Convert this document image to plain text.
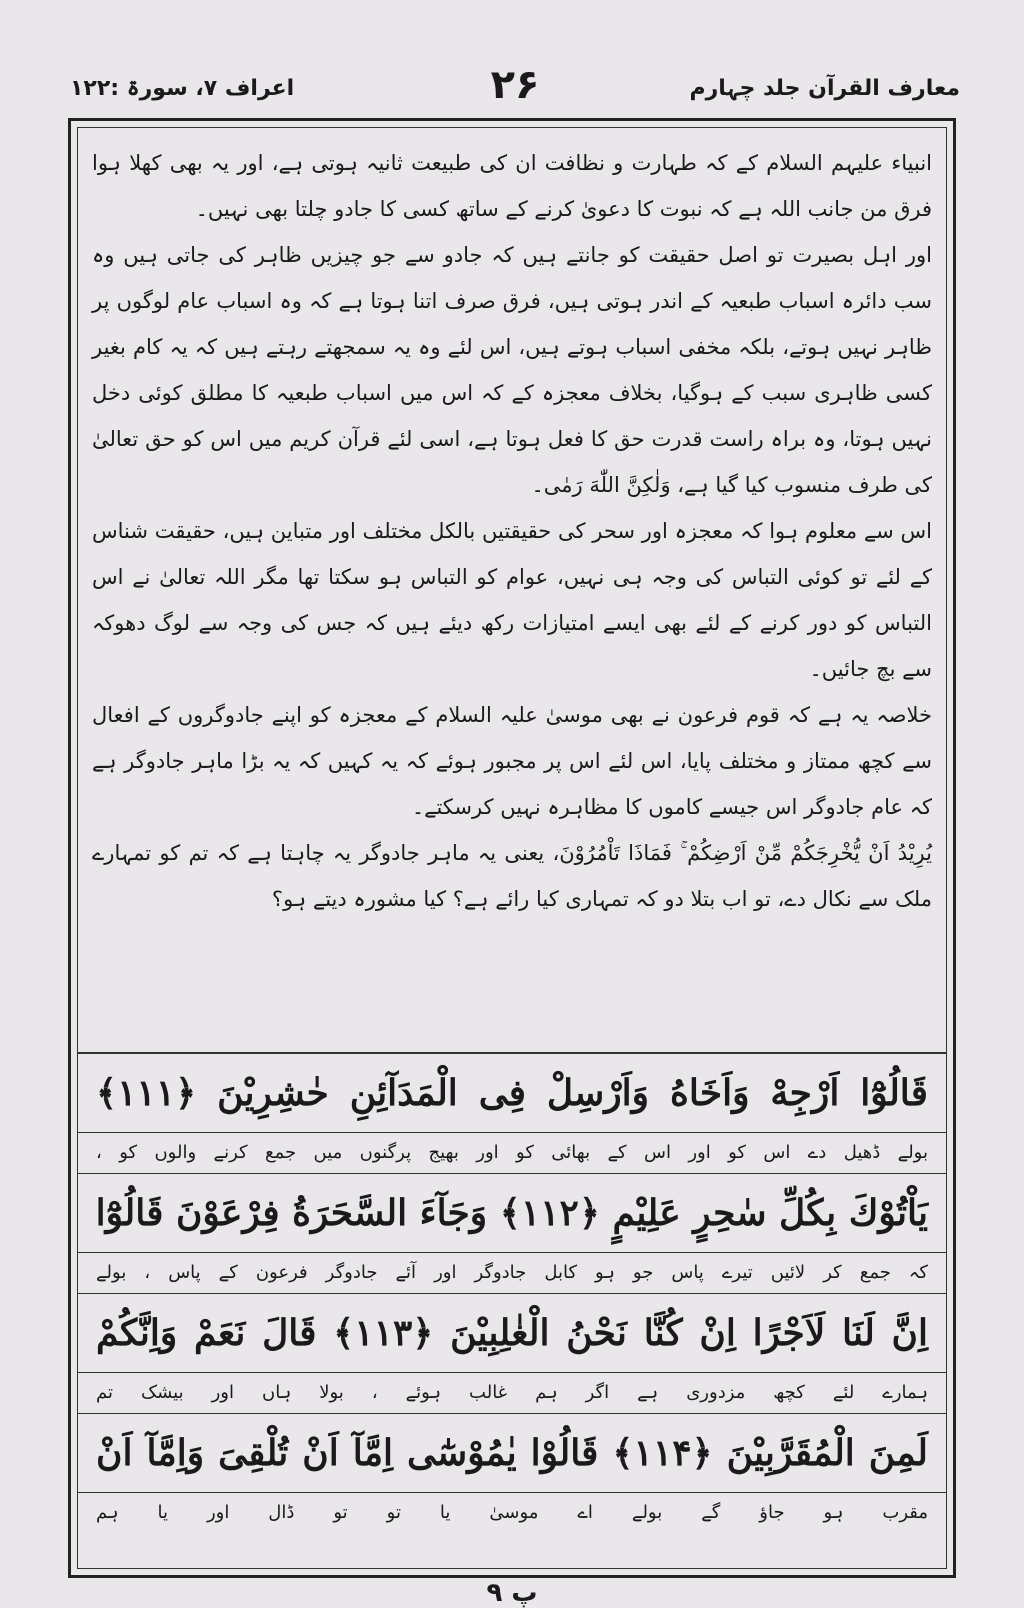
۱۲۲: اعراف ۷، سورۃ	۲۶	معارف القرآن جلد چہارم

انبیاء علیہم السلام کے کہ طہارت و نظافت ان کی طبیعت ثانیہ ہوتی ہے، اور یہ بھی کھلا ہوا فرق من جانب اللہ ہے کہ نبوت کا دعویٰ کرنے کے ساتھ کسی کا جادو چلتا بھی نہیں۔

اور اہل بصیرت تو اصل حقیقت کو جانتے ہیں کہ جادو سے جو چیزیں ظاہر کی جاتی ہیں وہ سب دائرہ اسباب طبعیہ کے اندر ہوتی ہیں، فرق صرف اتنا ہوتا ہے کہ وہ اسباب عام لوگوں پر ظاہر نہیں ہوتے، بلکہ مخفی اسباب ہوتے ہیں، اس لئے وہ یہ سمجھتے رہتے ہیں کہ یہ کام بغیر کسی ظاہری سبب کے ہوگیا، بخلاف معجزہ کے کہ اس میں اسباب طبعیہ کا مطلق کوئی دخل نہیں ہوتا، وہ براہ راست قدرت حق کا فعل ہوتا ہے، اسی لئے قرآن کریم میں اس کو حق تعالیٰ کی طرف منسوب کیا گیا ہے، وَلٰكِنَّ اللّٰهَ رَمٰى۔

اس سے معلوم ہوا کہ معجزہ اور سحر کی حقیقتیں بالکل مختلف اور متباین ہیں، حقیقت شناس کے لئے تو کوئی التباس کی وجہ ہی نہیں، عوام کو التباس ہو سکتا تھا مگر اللہ تعالیٰ نے اس التباس کو دور کرنے کے لئے بھی ایسے امتیازات رکھ دیئے ہیں کہ جس کی وجہ سے لوگ دھوکہ سے بچ جائیں۔

خلاصہ یہ ہے کہ قوم فرعون نے بھی موسیٰ علیہ السلام کے معجزہ کو اپنے جادوگروں کے افعال سے کچھ ممتاز و مختلف پایا، اس لئے اس پر مجبور ہوئے کہ یہ کہیں کہ یہ بڑا ماہر جادوگر ہے کہ عام جادوگر اس جیسے کاموں کا مظاہرہ نہیں کرسکتے۔

يُرِيْدُ اَنْ يُّخْرِجَكُمْ مِّنْ اَرْضِكُمْ ۚ فَمَاذَا تَاْمُرُوْنَ، یعنی یہ ماہر جادوگر یہ چاہتا ہے کہ تم کو تمہارے ملک سے نکال دے، تو اب بتلا دو کہ تمہاری کیا رائے ہے؟ کیا مشورہ دیتے ہو؟

قَالُوْٓا اَرْجِهْ وَاَخَاهُ وَاَرْسِلْ فِى الْمَدَآئِنِ حٰشِرِيْنَ ﴿۱۱۱﴾
بولے ڈھیل دے اس کو اور اس کے بھائی کو اور بھیج پرگنوں میں جمع کرنے والوں کو ،
يَاْتُوْكَ بِكُلِّ سٰحِرٍ عَلِيْمٍ ﴿۱۱۲﴾ وَجَآءَ السَّحَرَةُ فِرْعَوْنَ قَالُوْٓا
کہ جمع کر لائیں تیرے پاس جو ہو کابل جادوگر اور آئے جادوگر فرعون کے پاس ، بولے
اِنَّ لَنَا لَاَجْرًا اِنْ كُنَّا نَحْنُ الْغٰلِبِيْنَ ﴿۱۱۳﴾ قَالَ نَعَمْ وَاِنَّكُمْ
ہمارے لئے کچھ مزدوری ہے اگر ہم غالب ہوئے ، بولا ہاں اور بیشک تم
لَمِنَ الْمُقَرَّبِيْنَ ﴿۱۱۴﴾ قَالُوْا يٰمُوْسٰٓى اِمَّآ اَنْ تُلْقِىَ وَاِمَّآ اَنْ
مقرب ہو جاؤ گے بولے اے موسیٰ یا تو تو ڈال اور یا ہم
پ ۹
